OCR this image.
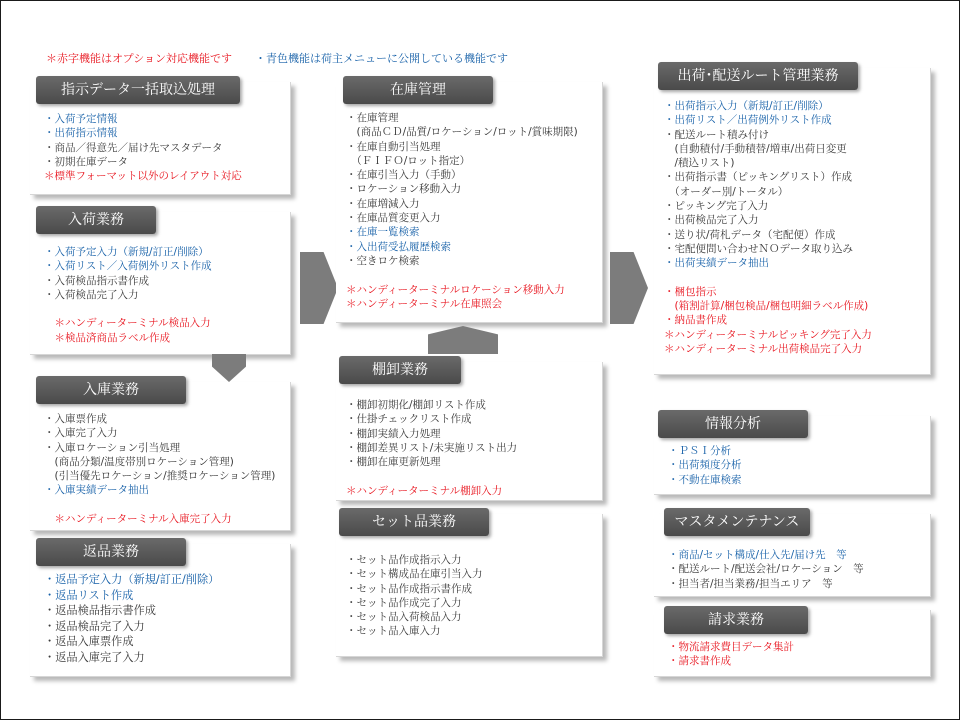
＊赤字機能はオプション対応機能です ・青色機能は荷主メニューに公開している機能です
指示データ一括取込処理
・入荷予定情報
・出荷指示情報
・商品／得意先／届け先マスタデータ
・初期在庫データ
＊標準フォーマット以外のレイアウト対応
入荷業務
・入荷予定入力（新規/訂正/削除）
・入荷リスト／入荷例外リスト作成
・入荷検品指示書作成
・入荷検品完了入力
　＊ハンディーターミナル検品入力
　＊検品済商品ラベル作成
入庫業務
・入庫票作成
・入庫完了入力
・入庫ロケーション引当処理
　(商品分類/温度帯別ロケーション管理)
　(引当優先ロケーション/推奨ロケーション管理)
・入庫実績データ抽出
　＊ハンディーターミナル入庫完了入力
返品業務
・返品予定入力（新規/訂正/削除）
・返品リスト作成
・返品検品指示書作成
・返品検品完了入力
・返品入庫票作成
・返品入庫完了入力
在庫管理
・在庫管理
　(商品ＣＤ/品質/ロケーション/ロット/賞味期限)
・在庫自動引当処理
　（ＦＩＦＯ/ロット指定）
・在庫引当入力（手動）
・ロケーション移動入力
・在庫増減入力
・在庫品質変更入力
・在庫一覧検索
・入出荷受払履歴検索
・空きロケ検索
＊ハンディーターミナルロケーション移動入力
＊ハンディーターミナル在庫照会
棚卸業務
・棚卸初期化/棚卸リスト作成
・仕掛チェックリスト作成
・棚卸実績入力処理
・棚卸差異リスト/未実施リスト出力
・棚卸在庫更新処理
＊ハンディーターミナル棚卸入力
セット品業務
・セット品作成指示入力
・セット構成品在庫引当入力
・セット品作成指示書作成
・セット品作成完了入力
・セット品入荷検品入力
・セット品入庫入力
出荷･配送ルート管理業務
・出荷指示入力（新規/訂正/削除）
・出荷リスト／出荷例外リスト作成
・配送ルート積み付け
　(自動積付/手動積替/増車/出荷日変更
　/積込リスト)
・出荷指示書（ピッキングリスト）作成
　（オーダー別/トータル）
・ピッキング完了入力
・出荷検品完了入力
・送り状/荷札データ（宅配便）作成
・宅配便問い合わせＮＯデータ取り込み
・出荷実績データ抽出
・梱包指示
　(箱割計算/梱包検品/梱包明細ラベル作成)
・納品書作成
＊ハンディーターミナルピッキング完了入力
＊ハンディーターミナル出荷検品完了入力
情報分析
・ＰＳＩ分析
・出荷頻度分析
・不動在庫検索
マスタメンテナンス
・商品/セット構成/仕入先/届け先　等
・配送ルート/配送会社/ロケーション　等
・担当者/担当業務/担当エリア　等
請求業務
・物流請求費目データ集計
・請求書作成
